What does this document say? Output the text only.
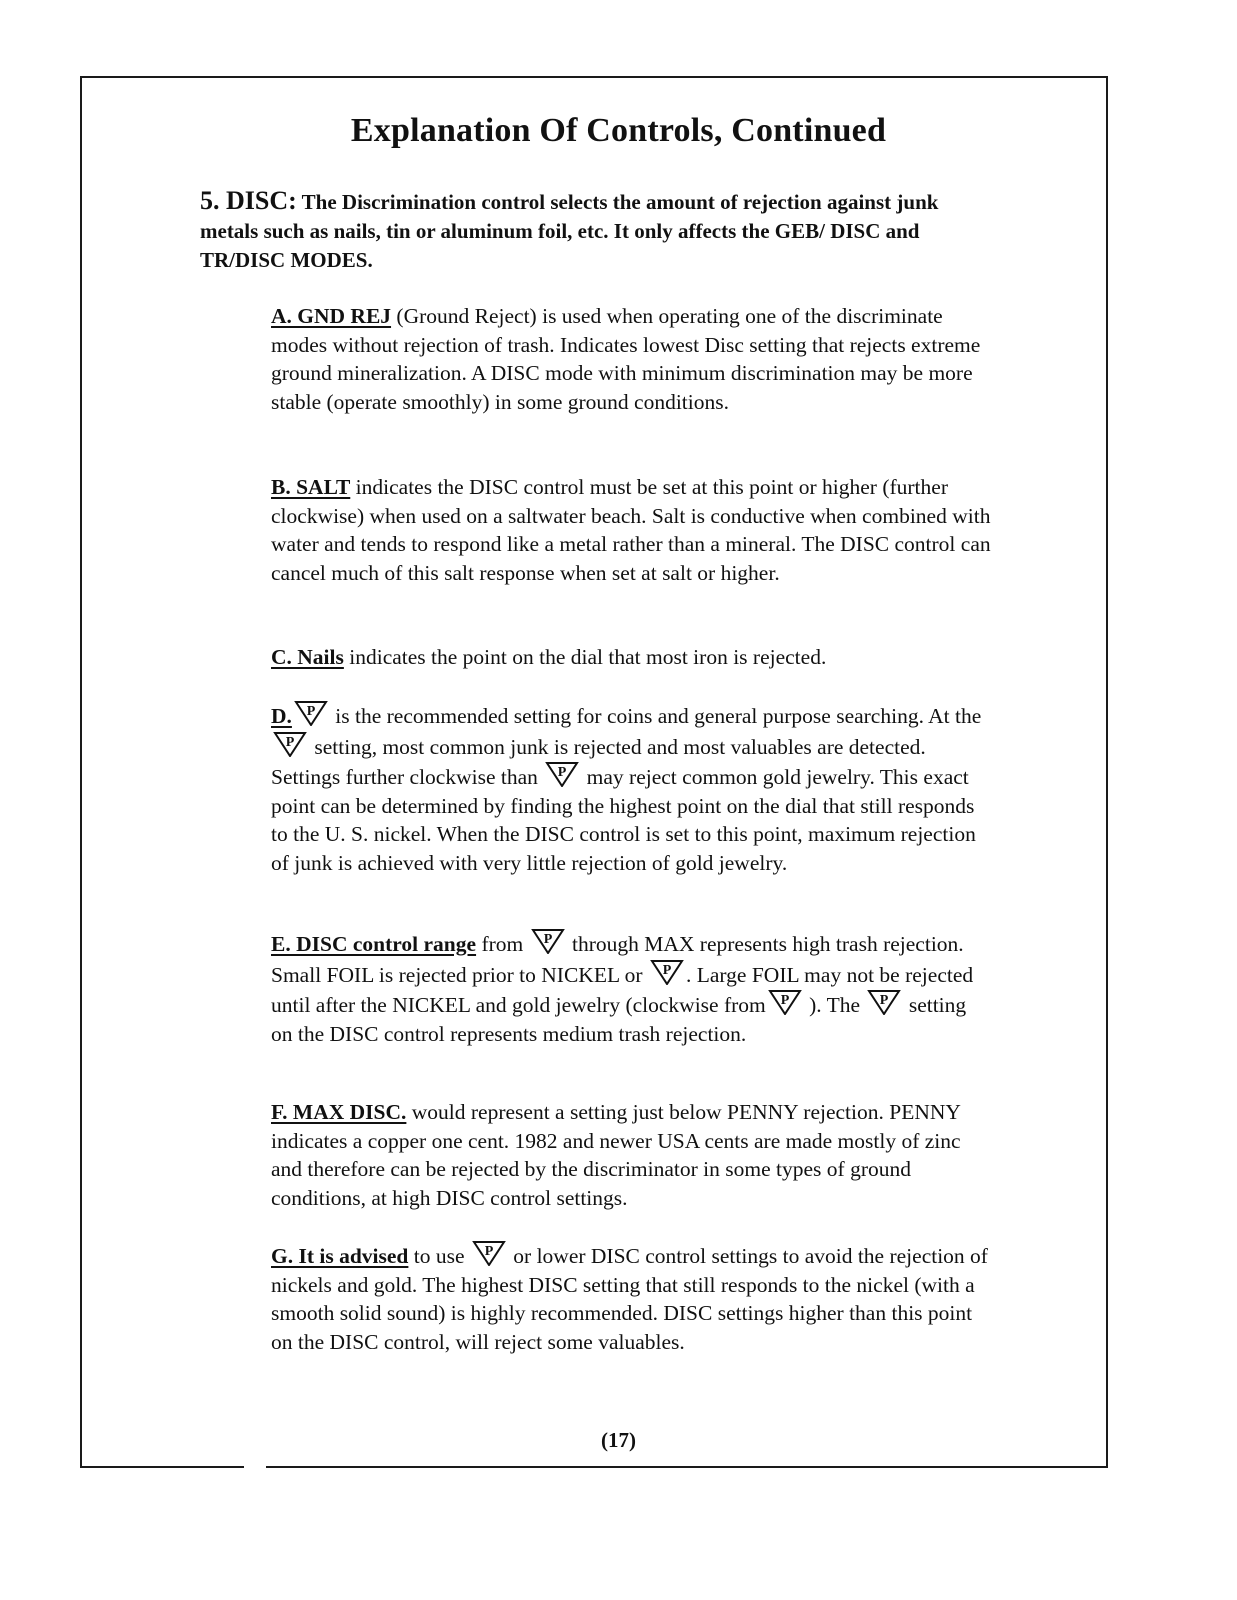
Explanation Of Controls, Continued
5. DISC: The Discrimination control selects the amount of rejection against junk metals such as nails, tin or aluminum foil, etc. It only affects the GEB/ DISC and TR/DISC MODES.
A. GND REJ (Ground Reject) is used when operating one of the discriminate modes without rejection of trash. Indicates lowest Disc setting that rejects extreme ground mineralization. A DISC mode with minimum discrimination may be more stable (operate smoothly) in some ground conditions.
B. SALT indicates the DISC control must be set at this point or higher (further clockwise) when used on a saltwater beach. Salt is conductive when combined with water and tends to respond like a metal rather than a mineral. The DISC control can cancel much of this salt response when set at salt or higher.
C. Nails indicates the point on the dial that most iron is rejected.
D.
is the recommended setting for coins and general purpose searching. At the
setting, most common junk is rejected and most valuables are detected. Settings further clockwise than
may reject common gold jewelry. This exact point can be determined by finding the highest point on the dial that still responds to the U. S. nickel. When the DISC control is set to this point, maximum rejection of junk is achieved with very little rejection of gold jewelry.
E. DISC control range from
through MAX represents high trash rejection. Small FOIL is rejected prior to NICKEL or
. Large FOIL may not be rejected until after the NICKEL and gold jewelry (clockwise from
). The
setting on the DISC control represents medium trash rejection.
F. MAX DISC. would represent a setting just below PENNY rejection. PENNY indicates a copper one cent. 1982 and newer USA cents are made mostly of zinc and therefore can be rejected by the discriminator in some types of ground conditions, at high DISC control settings.
G. It is advised to use
or lower DISC control settings to avoid the rejection of nickels and gold. The highest DISC setting that still responds to the nickel (with a smooth solid sound) is highly recommended. DISC settings higher than this point on the DISC control, will reject some valuables.
(17)
